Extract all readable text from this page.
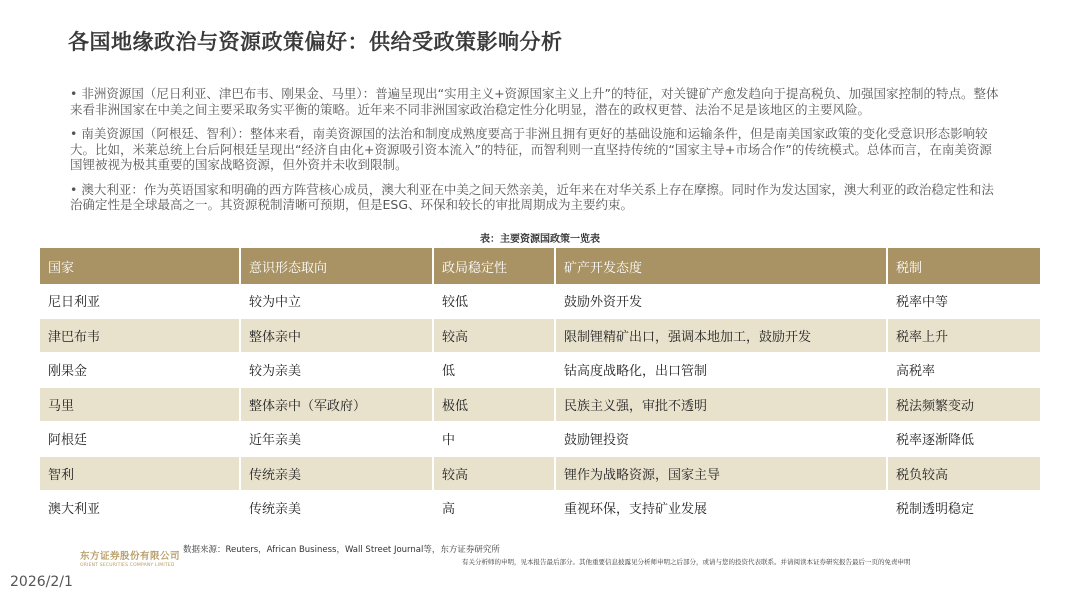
各国地缘政治与资源政策偏好：供给受政策影响分析

• 非洲资源国（尼日利亚、津巴布韦、刚果金、马里）：普遍呈现出“实用主义+资源国家主义上升”的特征，对关键矿产愈发趋向于提高税负、加强国家控制的特点。整体来看非洲国家在中美之间主要采取务实平衡的策略。近年来不同非洲国家政治稳定性分化明显，潜在的政权更替、法治不足是该地区的主要风险。

• 南美资源国（阿根廷、智利）：整体来看，南美资源国的法治和制度成熟度要高于非洲且拥有更好的基础设施和运输条件，但是南美国家政策的变化受意识形态影响较大。比如，米莱总统上台后阿根廷呈现出“经济自由化+资源吸引资本流入”的特征，而智利则一直坚持传统的“国家主导+市场合作”的传统模式。总体而言，在南美资源国锂被视为极其重要的国家战略资源，但外资并未收到限制。

• 澳大利亚：作为英语国家和明确的西方阵营核心成员，澳大利亚在中美之间天然亲美，近年来在对华关系上存在摩擦。同时作为发达国家，澳大利亚的政治稳定性和法治确定性是全球最高之一。其资源税制清晰可预期，但是ESG、环保和较长的审批周期成为主要约束。

表：主要资源国政策一览表
国家	意识形态取向	政局稳定性	矿产开发态度	税制
尼日利亚	较为中立	较低	鼓励外资开发	税率中等
津巴布韦	整体亲中	较高	限制锂精矿出口，强调本地加工，鼓励开发	税率上升
刚果金	较为亲美	低	钴高度战略化，出口管制	高税率
马里	整体亲中（军政府）	极低	民族主义强，审批不透明	税法频繁变动
阿根廷	近年亲美	中	鼓励锂投资	税率逐渐降低
智利	传统亲美	较高	锂作为战略资源，国家主导	税负较高
澳大利亚	传统亲美	高	重视环保，支持矿业发展	税制透明稳定
东方证券股份有限公司
ORIENT SECURITIES COMPANY LIMITED
数据来源：Reuters，African Business，Wall Street Journal等，东方证券研究所
有关分析师的申明，见本报告最后部分。其他重要信息披露见分析师申明之后部分，或请与您的投资代表联系。并请阅读本证券研究报告最后一页的免责申明
2026/2/1
